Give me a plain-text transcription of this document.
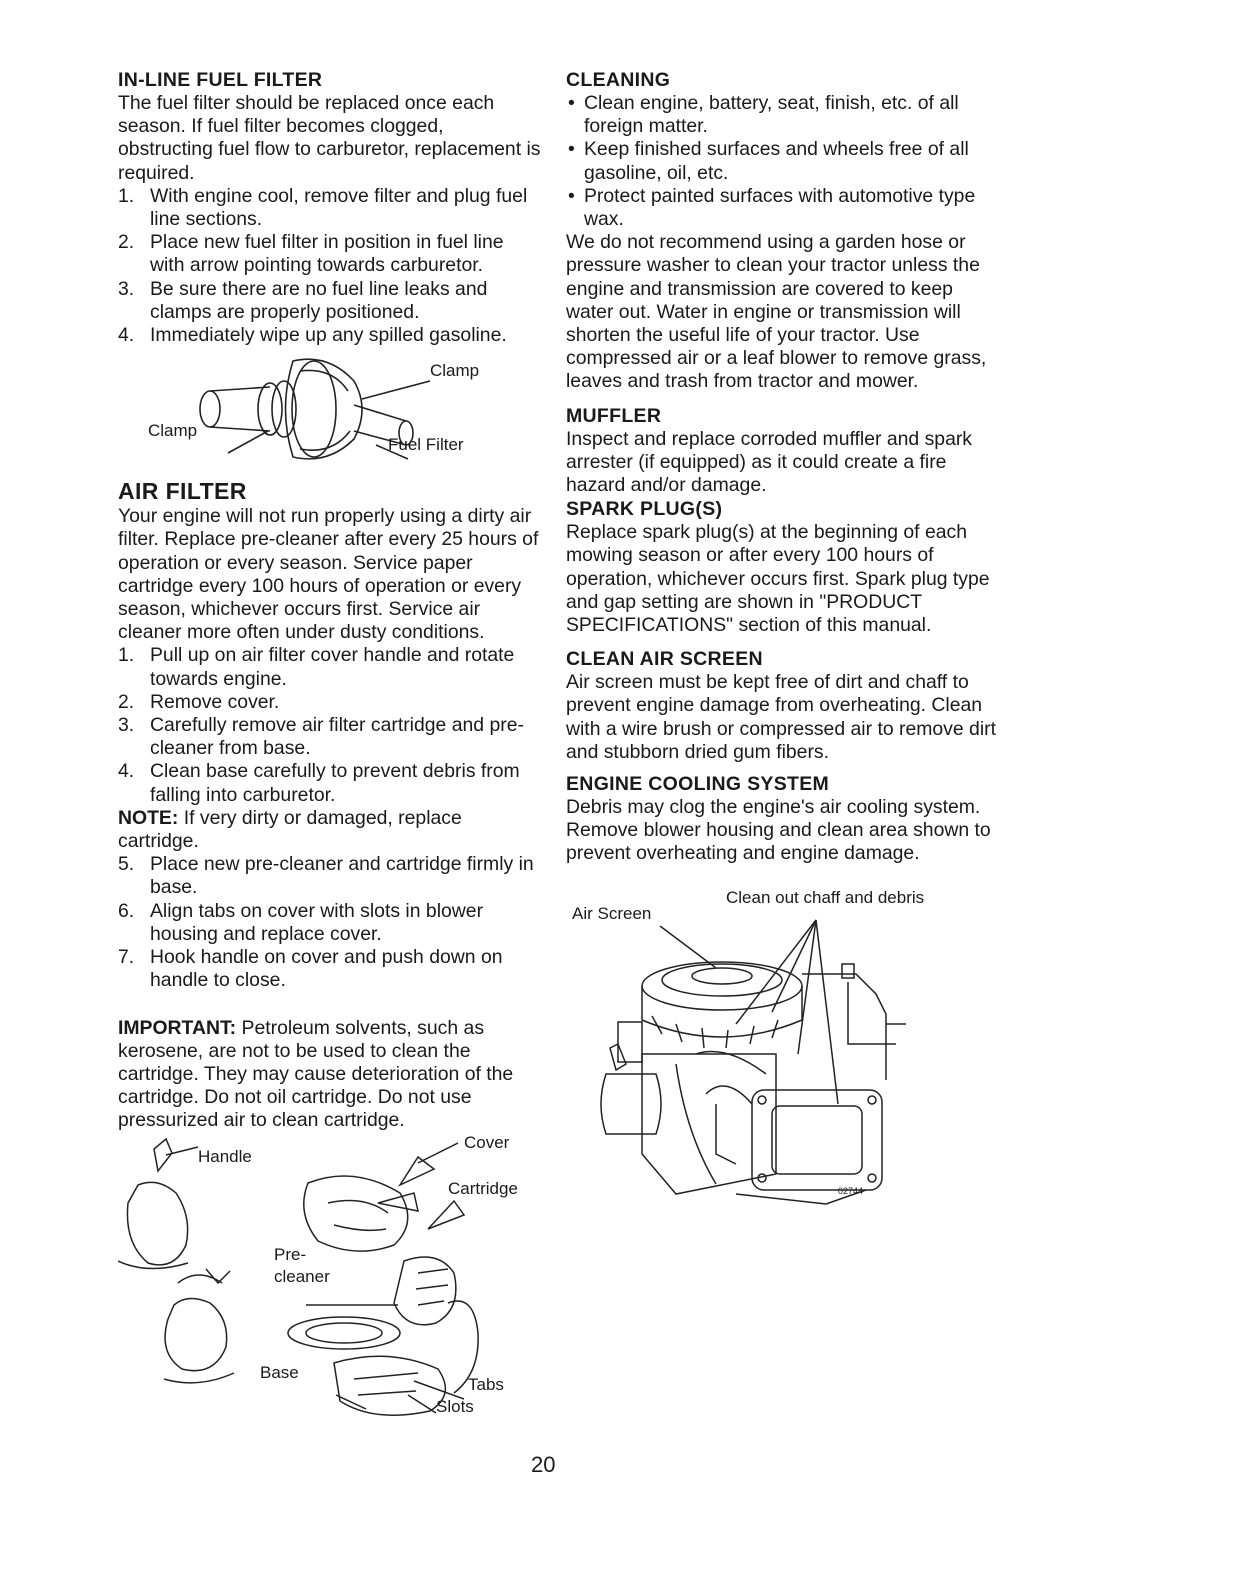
IN-LINE FUEL FILTER

The fuel filter should be replaced once each season. If fuel filter becomes clogged, obstructing fuel flow to carburetor, replacement is required.

1. With engine cool, remove filter and plug fuel line sections.
2. Place new fuel filter in position in fuel line with arrow pointing towards carburetor.
3. Be sure there are no fuel line leaks and clamps are properly positioned.
4. Immediately wipe up any spilled gasoline.
Clamp
Clamp
Fuel Filter
AIR FILTER

Your engine will not run properly using a dirty air filter. Replace pre-cleaner after every 25 hours of operation or every season. Service paper cartridge every 100 hours of operation or every season, whichever occurs first. Service air cleaner more often under dusty conditions.

1. Pull up on air filter cover handle and rotate towards engine.
2. Remove cover.
3. Carefully remove air filter cartridge and pre-cleaner from base.
4. Clean base carefully to prevent debris from falling into carburetor.

NOTE: If very dirty or damaged, replace cartridge.

5. Place new pre-cleaner and cartridge firmly in base.
6. Align tabs on cover with slots in blower housing and replace cover.
7. Hook handle on cover and push down on handle to close.

IMPORTANT: Petroleum solvents, such as kerosene, are not to be used to clean the cartridge. They may cause deterioration of the cartridge. Do not oil cartridge. Do not use pressurized air to clean cartridge.

Handle
Cover
Cartridge
Pre-
cleaner
Base
Tabs
Slots
CLEANING
• Clean engine, battery, seat, finish, etc. of all foreign matter.
• Keep finished surfaces and wheels free of all gasoline, oil, etc.
• Protect painted surfaces with automotive type wax.

We do not recommend using a garden hose or pressure washer to clean your tractor unless the engine and transmission are covered to keep water out. Water in engine or transmission will shorten the useful life of your tractor. Use compressed air or a leaf blower to remove grass, leaves and trash from tractor and mower.

MUFFLER

Inspect and replace corroded muffler and spark arrester (if equipped) as it could create a fire hazard and/or damage.

SPARK PLUG(S)

Replace spark plug(s) at the beginning of each mowing season or after every 100 hours of operation, whichever occurs first. Spark plug type and gap setting are shown in "PRODUCT SPECIFICATIONS" section of this manual.

CLEAN AIR SCREEN

Air screen must be kept free of dirt and chaff to prevent engine damage from overheating. Clean with a wire brush or compressed air to remove dirt and stubborn dried gum fibers.

ENGINE COOLING SYSTEM

Debris may clog the engine's air cooling system. Remove blower housing and clean area shown to prevent overheating and engine damage.

02744
Air Screen
Clean out chaff and debris
20
